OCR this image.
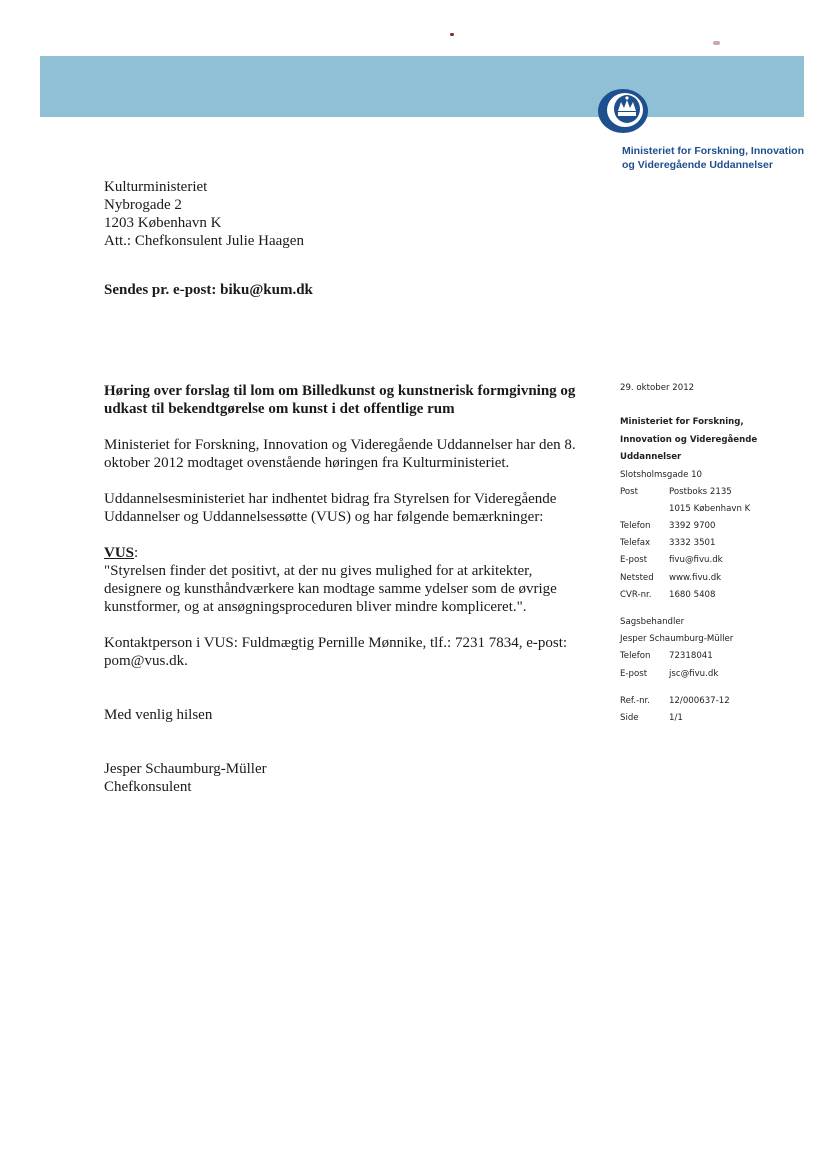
Ministeriet for Forskning, Innovation
og Videregående Uddannelser
Kulturministeriet
Nybrogade 2
1203 København K
Att.: Chefkonsulent Julie Haagen
Sendes pr. e-post: biku@kum.dk
Høring over forslag til lom om Billedkunst og kunstnerisk formgivning og
udkast til bekendtgørelse om kunst i det offentlige rum

Ministeriet for Forskning, Innovation og Videregående Uddannelser har den 8. oktober 2012 modtaget ovenstående høringen fra Kulturministeriet.

Uddannelsesministeriet har indhentet bidrag fra Styrelsen for Videregående Uddannelser og Uddannelsessøtte (VUS) og har følgende bemærkninger:

VUS:

"Styrelsen finder det positivt, at der nu gives mulighed for at arkitekter, designere og kunsthåndværkere kan modtage samme ydelser som de øvrige kunstformer, og at ansøgningsproceduren bliver mindre kompliceret.".

Kontaktperson i VUS: Fuldmægtig Pernille Mønnike, tlf.: 7231 7834, e-post: pom@vus.dk.

Med venlig hilsen
Jesper Schaumburg-Müller
Chefkonsulent
29. oktober 2012
Ministeriet for Forskning,
Innovation og Videregående
Uddannelser
Slotsholmsgade 10
Post	Postboks 2135
1015 København K
Telefon 3392 9700
Telefax 3332 3501
E-post	fivu@fivu.dk
Netsted www.fivu.dk
CVR-nr. 1680 5408
Sagsbehandler
Jesper Schaumburg-Müller
Telefon 72318041
E-post	jsc@fivu.dk
Ref.-nr. 12/000637-12
Side	1/1
